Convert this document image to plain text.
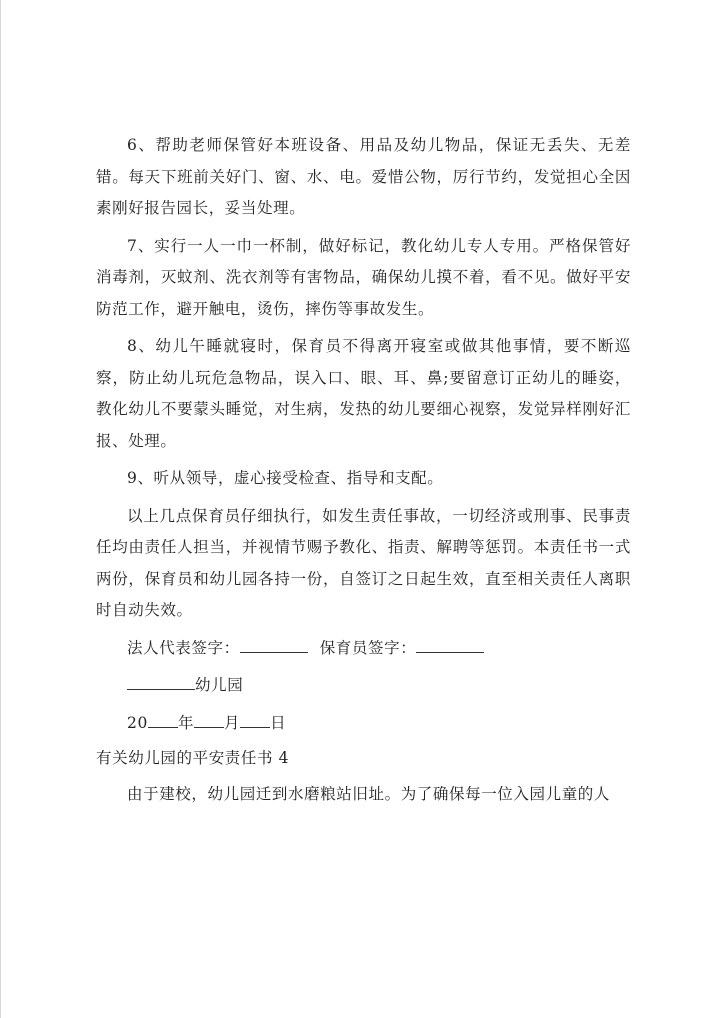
6、帮助老师保管好本班设备、用品及幼儿物品，保证无丢失、无差错。每天下班前关好门、窗、水、电。爱惜公物，厉行节约，发觉担心全因素刚好报告园长，妥当处理。

7、实行一人一巾一杯制，做好标记，教化幼儿专人专用。严格保管好消毒剂，灭蚊剂、洗衣剂等有害物品，确保幼儿摸不着，看不见。做好平安防范工作，避开触电，烫伤，摔伤等事故发生。

8、幼儿午睡就寝时，保育员不得离开寝室或做其他事情，要不断巡察，防止幼儿玩危急物品，误入口、眼、耳、鼻;要留意订正幼儿的睡姿，教化幼儿不要蒙头睡觉，对生病，发热的幼儿要细心视察，发觉异样刚好汇报、处理。

9、听从领导，虚心接受检查、指导和支配。

以上几点保育员仔细执行，如发生责任事故，一切经济或刑事、民事责任均由责任人担当，并视情节赐予教化、指责、解聘等惩罚。本责任书一式两份，保育员和幼儿园各持一份，自签订之日起生效，直至相关责任人离职时自动失效。

法人代表签字：	保育员签字：
幼儿园
20 年 月 日
有关幼儿园的平安责任书 4

由于建校，幼儿园迁到水磨粮站旧址。为了确保每一位入园儿童的人
